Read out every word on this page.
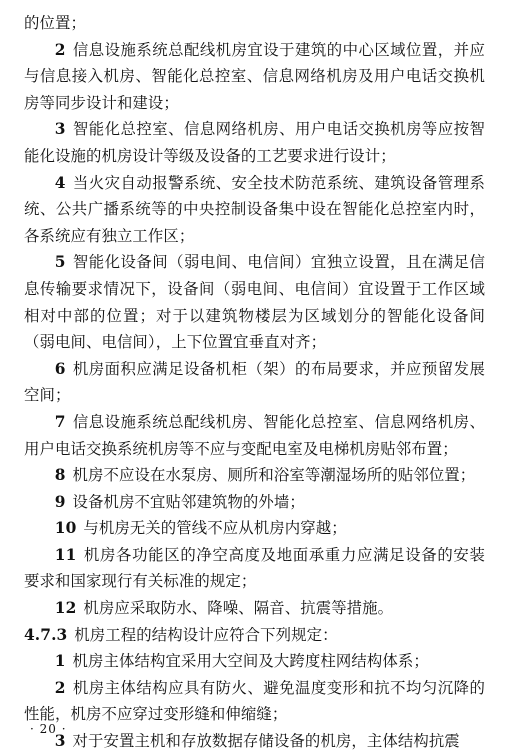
的位置；

2 信息设施系统总配线机房宜设于建筑的中心区域位置，并应与信息接入机房、智能化总控室、信息网络机房及用户电话交换机房等同步设计和建设；

3 智能化总控室、信息网络机房、用户电话交换机房等应按智能化设施的机房设计等级及设备的工艺要求进行设计；

4 当火灾自动报警系统、安全技术防范系统、建筑设备管理系统、公共广播系统等的中央控制设备集中设在智能化总控室内时，各系统应有独立工作区；

5 智能化设备间（弱电间、电信间）宜独立设置，且在满足信息传输要求情况下，设备间（弱电间、电信间）宜设置于工作区域相对中部的位置；对于以建筑物楼层为区域划分的智能化设备间（弱电间、电信间），上下位置宜垂直对齐；

6 机房面积应满足设备机柜（架）的布局要求，并应预留发展空间；

7 信息设施系统总配线机房、智能化总控室、信息网络机房、用户电话交换系统机房等不应与变配电室及电梯机房贴邻布置；

8 机房不应设在水泵房、厕所和浴室等潮湿场所的贴邻位置；

9 设备机房不宜贴邻建筑物的外墙；

10 与机房无关的管线不应从机房内穿越；

11 机房各功能区的净空高度及地面承重力应满足设备的安装要求和国家现行有关标准的规定；

12 机房应采取防水、降噪、隔音、抗震等措施。

4.7.3 机房工程的结构设计应符合下列规定：

1 机房主体结构宜采用大空间及大跨度柱网结构体系；

2 机房主体结构应具有防火、避免温度变形和抗不均匀沉降的性能，机房不应穿过变形缝和伸缩缝；

3 对于安置主机和存放数据存储设备的机房，主体结构抗震

· 20 ·
